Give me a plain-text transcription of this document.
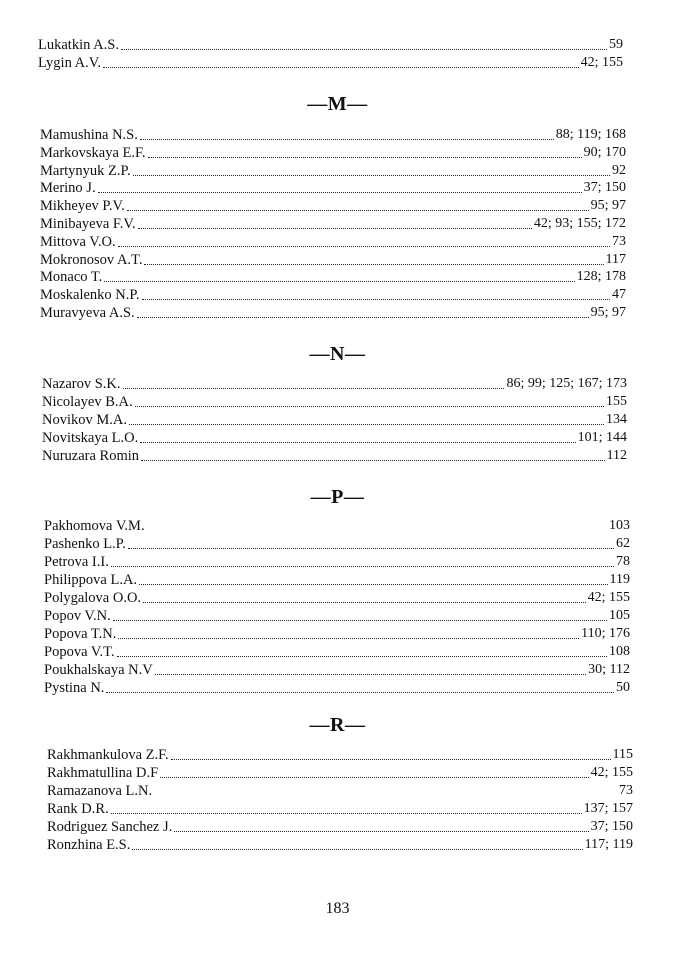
Lukatkin A.S.	59
Lygin A.V.	42; 155
—M—
Mamushina N.S.	88; 119; 168
Markovskaya E.F.	90; 170
Martynyuk Z.P.	92
Merino J.	37; 150
Mikheyev P.V.	95; 97
Minibayeva F.V.	42; 93; 155; 172
Mittova V.O.	73
Mokronosov A.T.	117
Monaco T.	128; 178
Moskalenko N.P.	47
Muravyeva A.S.	95; 97
—N—
Nazarov S.K.	86; 99; 125; 167; 173
Nicolayev B.A.	155
Novikov M.A.	134
Novitskaya L.O.	101; 144
Nuruzara Romin	112
—P—
Pakhomova V.M.	103
Pashenko L.P.	62
Petrova I.I.	78
Philippova L.A.	119
Polygalova O.O.	42; 155
Popov V.N.	105
Popova T.N.	110; 176
Popova V.T.	108
Poukhalskaya N.V	30; 112
Pystina N.	50
—R—
Rakhmankulova Z.F.	115
Rakhmatullina D.F	42; 155
Ramazanova L.N.	73
Rank D.R.	137; 157
Rodriguez Sanchez J.	37; 150
Ronzhina E.S.	117; 119
183
